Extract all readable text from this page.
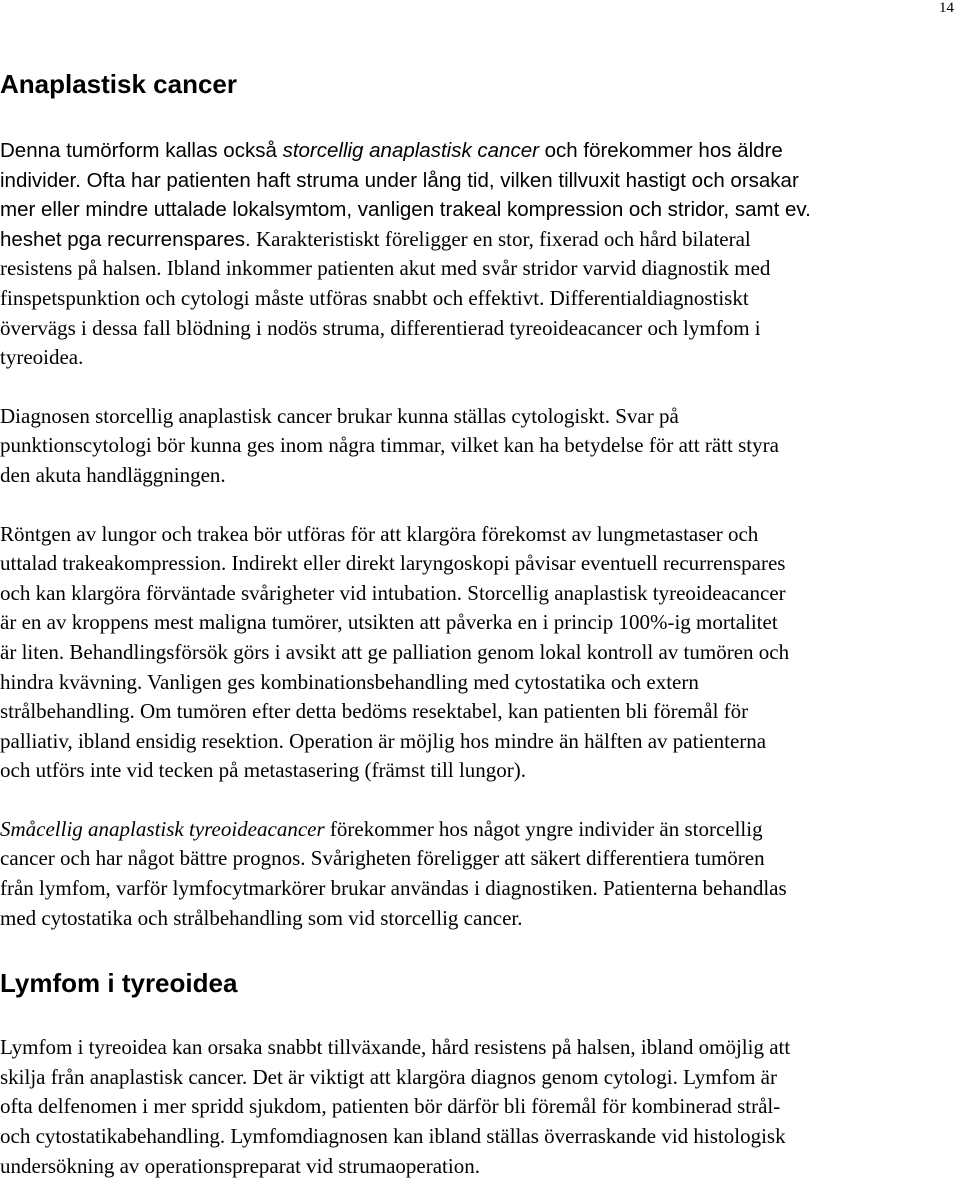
14
Anaplastisk cancer

Denna tumörform kallas också storcellig anaplastisk cancer och förekommer hos äldre
individer. Ofta har patienten haft struma under lång tid, vilken tillvuxit hastigt och orsakar
mer eller mindre uttalade lokalsymtom, vanligen trakeal kompression och stridor, samt ev.
heshet pga recurrenspares. Karakteristiskt föreligger en stor, fixerad och hård bilateral
resistens på halsen. Ibland inkommer patienten akut med svår stridor varvid diagnostik med
finspetspunktion och cytologi måste utföras snabbt och effektivt. Differentialdiagnostiskt
övervägs i dessa fall blödning i nodös struma, differentierad tyreoideacancer och lymfom i
tyreoidea.

Diagnosen storcellig anaplastisk cancer brukar kunna ställas cytologiskt. Svar på
punktionscytologi bör kunna ges inom några timmar, vilket kan ha betydelse för att rätt styra
den akuta handläggningen.

Röntgen av lungor och trakea bör utföras för att klargöra förekomst av lungmetastaser och
uttalad trakeakompression. Indirekt eller direkt laryngoskopi påvisar eventuell recurrenspares
och kan klargöra förväntade svårigheter vid intubation. Storcellig anaplastisk tyreoideacancer
är en av kroppens mest maligna tumörer, utsikten att påverka en i princip 100%-ig mortalitet
är liten. Behandlingsförsök görs i avsikt att ge palliation genom lokal kontroll av tumören och
hindra kvävning. Vanligen ges kombinationsbehandling med cytostatika och extern
strålbehandling. Om tumören efter detta bedöms resektabel, kan patienten bli föremål för
palliativ, ibland ensidig resektion. Operation är möjlig hos mindre än hälften av patienterna
och utförs inte vid tecken på metastasering (främst till lungor).

Småcellig anaplastisk tyreoideacancer förekommer hos något yngre individer än storcellig
cancer och har något bättre prognos. Svårigheten föreligger att säkert differentiera tumören
från lymfom, varför lymfocytmarkörer brukar användas i diagnostiken. Patienterna behandlas
med cytostatika och strålbehandling som vid storcellig cancer.

Lymfom i tyreoidea

Lymfom i tyreoidea kan orsaka snabbt tillväxande, hård resistens på halsen, ibland omöjlig att
skilja från anaplastisk cancer. Det är viktigt att klargöra diagnos genom cytologi. Lymfom är
ofta delfenomen i mer spridd sjukdom, patienten bör därför bli föremål för kombinerad strål-
och cytostatikabehandling. Lymfomdiagnosen kan ibland ställas överraskande vid histologisk
undersökning av operationspreparat vid strumaoperation.
